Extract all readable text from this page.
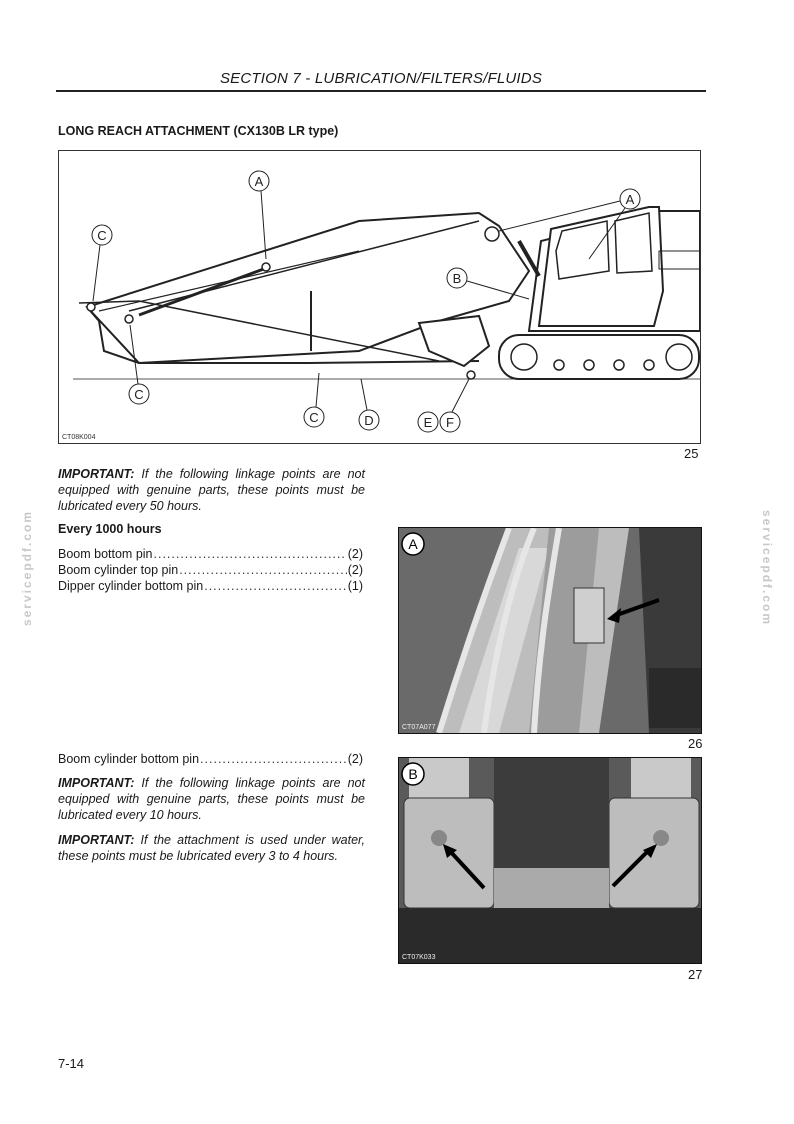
SECTION 7 - LUBRICATION/FILTERS/FLUIDS
LONG REACH ATTACHMENT (CX130B LR type)
A
A
B
C
C
C	D	E F
CT08K004
25
IMPORTANT: If the following linkage points are not equipped with genuine parts, these points must be lubricated every 50 hours.
Every 1000 hours
Boom bottom pin .....	(2)
Boom cylinder top pin .....	(2)
Dipper cylinder bottom pin .....	(1)
Boom cylinder bottom pin .....	(2)
IMPORTANT: If the following linkage points are not equipped with genuine parts, these points must be lubricated every 10 hours.
IMPORTANT: If the attachment is used under water, these points must be lubricated every 3 to 4 hours.
A
CT07A077
26
B
CT07K033
27
servicepdf.com	servicepdf.com
7-14
